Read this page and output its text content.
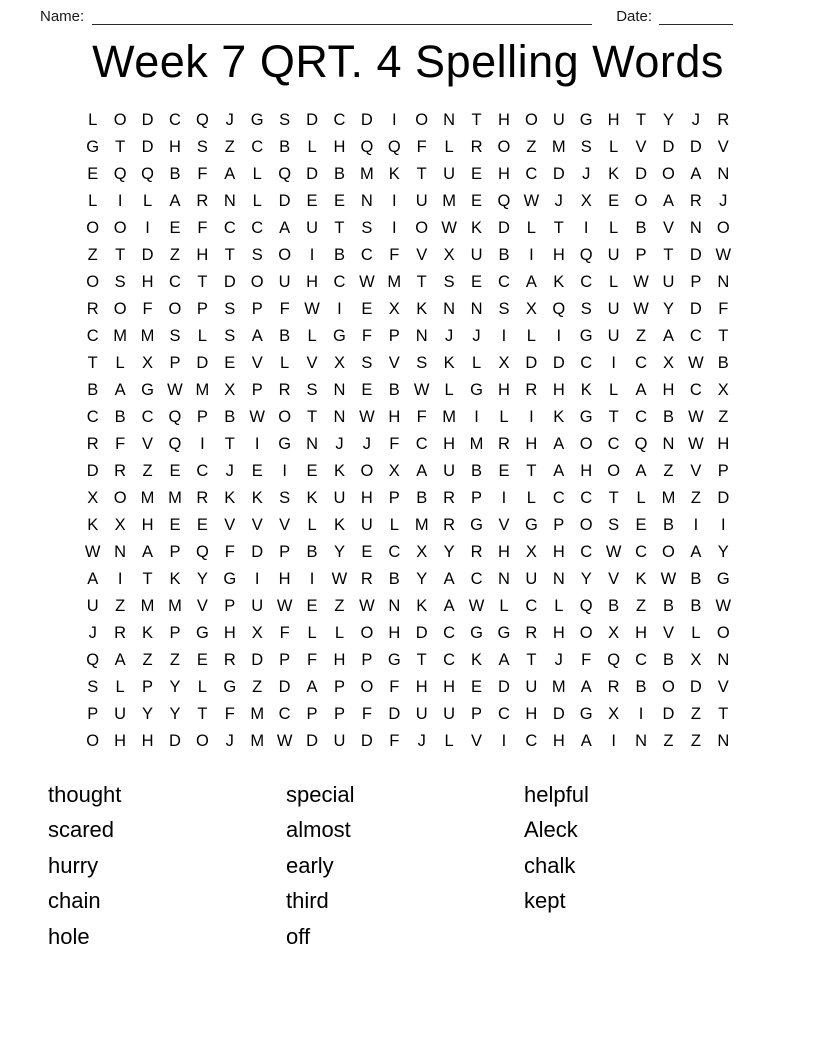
Name:	Date:
Week 7 QRT. 4 Spelling Words
L O D C Q	J	G S D C D	I	O N T H O U G H T	Y	J	R
G T D H S	Z C B	L	H Q Q F	L	R O Z M S	L	V D D V
E Q Q B	F	A	L Q D B M K	T U E H C D	J	K D O A N
L	I	L	A R N	L	D E E N	I	U M E Q W J	X E O A R	J
O O	I	E	F C C A U T	S	I	O W K D	L	T	I	L	B V N O
Z	T D Z H T	S O	I	B C F	V X U B	I	H Q U P	T D W
O S H C T D O U H C W M T	S E C A K C	L W U P N
R O F O P S P	F W	I	E X K N N S X Q S U W Y D F
C M M S	L	S A B	L G F	P N	J	J	I	L	I	G U Z	A C T
T	L	X P D E V	L	V X S V S K	L	X D D C	I	C X W B
B A G W M X P R S N E B W L G H R H K	L	A H C X
C B C Q P B W O T N W H F M	I	L	I	K G T C B W Z
R F	V Q	I	T	I	G N	J	J	F C H M R H A O C Q N W H
D R Z	E C	J	E	I	E K O X A U B E	T	A H O A	Z	V P
X O M M R K K S K U H P B R P	I	L	C C T	L M Z D
K X H E E V V V	L	K U	L M R G V G P O S E B	I	I
W N A P Q F D P B Y E C X Y R H X H C W C O A Y
A	I	T	K Y G	I	H	I	W R B Y A C N U N Y V K W B G
U Z M M V P U W E	Z W N K A W L	C	L Q B	Z	B B W
J	R K P G H X	F	L	L O H D C G G R H O X H V	L O
Q A	Z	Z	E R D P	F H P G T C K A	T	J	F Q C B X N
S	L	P Y	L G Z D A P O F H H E D U M A R B O D V
P U Y Y	T	F M C P P	F D U U P C H D G X	I	D Z	T
O H H D O	J M W D U D F	J	L	V	I	C H A	I	N Z	Z N
thought
scared
hurry
chain
hole
special
almost
early
third
off
helpful
Aleck
chalk
kept
